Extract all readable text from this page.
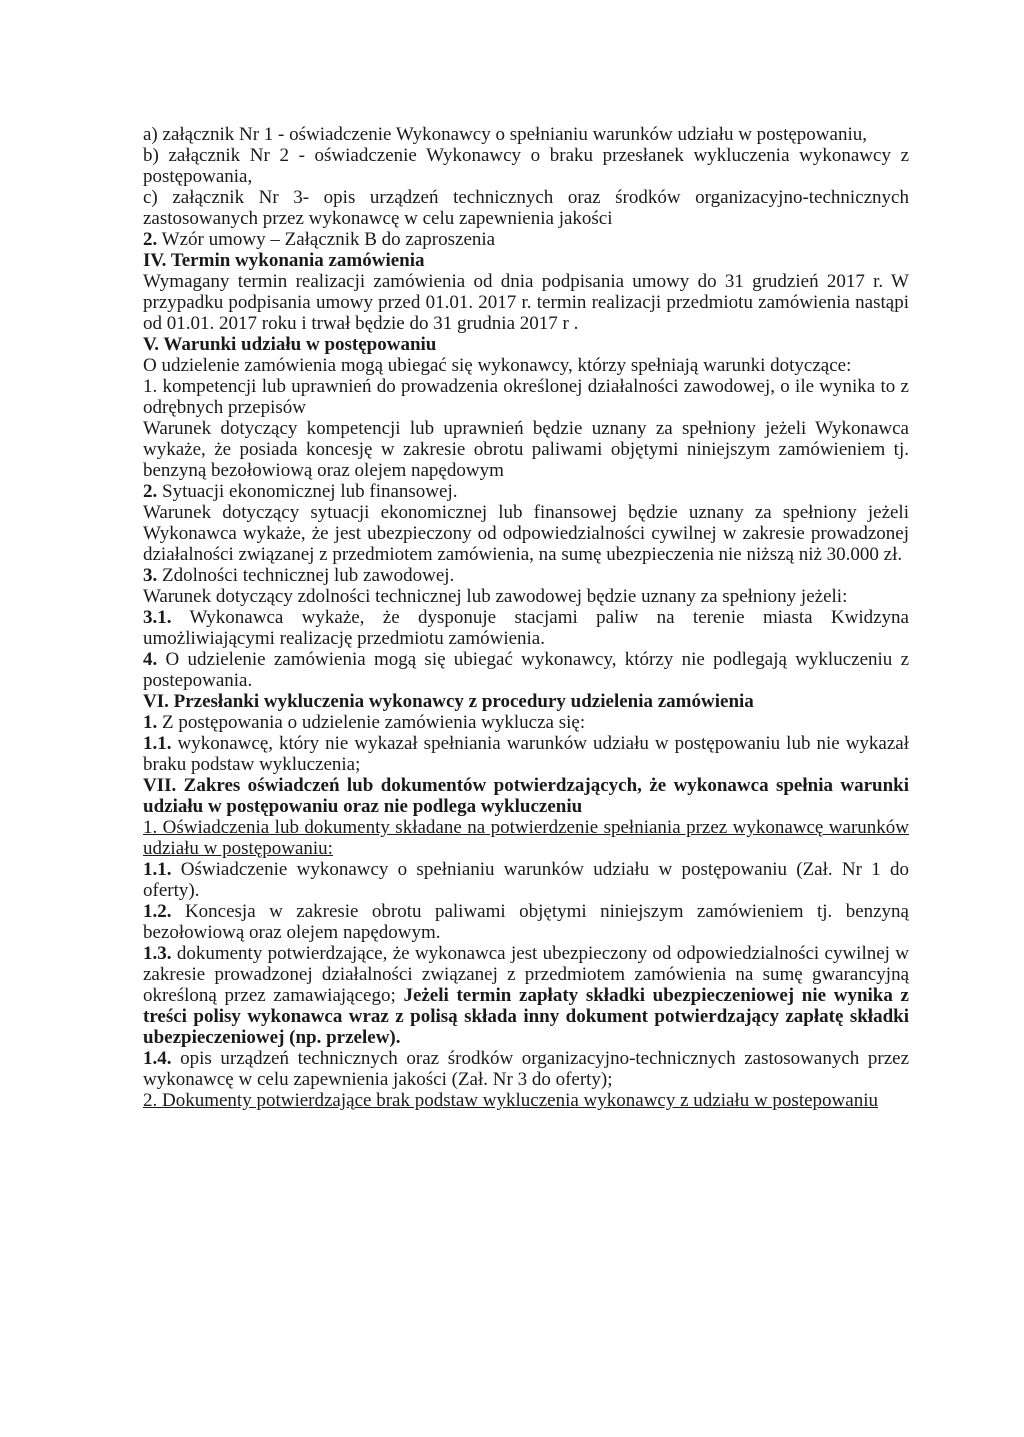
a) załącznik Nr 1 - oświadczenie Wykonawcy o spełnianiu warunków udziału w postępowaniu,

b) załącznik Nr 2 - oświadczenie Wykonawcy o braku przesłanek wykluczenia wykonawcy z postępowania,

c) załącznik Nr 3- opis urządzeń technicznych oraz środków organizacyjno-technicznych zastosowanych przez wykonawcę w celu zapewnienia jakości

2. Wzór umowy – Załącznik B do zaproszenia

IV. Termin wykonania zamówienia

Wymagany termin realizacji zamówienia od dnia podpisania umowy do 31 grudzień 2017 r. W przypadku podpisania umowy przed 01.01. 2017 r. termin realizacji przedmiotu zamówienia nastąpi od 01.01. 2017 roku i trwał będzie do 31 grudnia 2017 r .

V. Warunki udziału w postępowaniu

O udzielenie zamówienia mogą ubiegać się wykonawcy, którzy spełniają warunki dotyczące:

1. kompetencji lub uprawnień do prowadzenia określonej działalności zawodowej, o ile wynika to z odrębnych przepisów

Warunek dotyczący kompetencji lub uprawnień będzie uznany za spełniony jeżeli Wykonawca wykaże, że posiada koncesję w zakresie obrotu paliwami objętymi niniejszym zamówieniem tj. benzyną bezołowiową oraz olejem napędowym

2. Sytuacji ekonomicznej lub finansowej.

Warunek dotyczący sytuacji ekonomicznej lub finansowej będzie uznany za spełniony jeżeli Wykonawca wykaże, że jest ubezpieczony od odpowiedzialności cywilnej w zakresie prowadzonej działalności związanej z przedmiotem zamówienia, na sumę ubezpieczenia nie niższą niż 30.000 zł.

3. Zdolności technicznej lub zawodowej.

Warunek dotyczący zdolności technicznej lub zawodowej będzie uznany za spełniony jeżeli:

3.1. Wykonawca wykaże, że dysponuje stacjami paliw na terenie miasta Kwidzyna umożliwiającymi realizację przedmiotu zamówienia.

4. O udzielenie zamówienia mogą się ubiegać wykonawcy, którzy nie podlegają wykluczeniu z postepowania.

VI. Przesłanki wykluczenia wykonawcy z procedury udzielenia zamówienia

1. Z postępowania o udzielenie zamówienia wyklucza się:

1.1. wykonawcę, który nie wykazał spełniania warunków udziału w postępowaniu lub nie wykazał braku podstaw wykluczenia;

VII. Zakres oświadczeń lub dokumentów potwierdzających, że wykonawca spełnia warunki udziału w postępowaniu oraz nie podlega wykluczeniu

1. Oświadczenia lub dokumenty składane na potwierdzenie spełniania przez wykonawcę warunków udziału w postępowaniu:

1.1. Oświadczenie wykonawcy o spełnianiu warunków udziału w postępowaniu (Zał. Nr 1 do oferty).

1.2. Koncesja w zakresie obrotu paliwami objętymi niniejszym zamówieniem tj. benzyną bezołowiową oraz olejem napędowym.

1.3. dokumenty potwierdzające, że wykonawca jest ubezpieczony od odpowiedzialności cywilnej w zakresie prowadzonej działalności związanej z przedmiotem zamówienia na sumę gwarancyjną określoną przez zamawiającego; Jeżeli termin zapłaty składki ubezpieczeniowej nie wynika z treści polisy wykonawca wraz z polisą składa inny dokument potwierdzający zapłatę składki ubezpieczeniowej (np. przelew).

1.4. opis urządzeń technicznych oraz środków organizacyjno-technicznych zastosowanych przez wykonawcę w celu zapewnienia jakości (Zał. Nr 3 do oferty);

2. Dokumenty potwierdzające brak podstaw wykluczenia wykonawcy z udziału w postepowaniu
